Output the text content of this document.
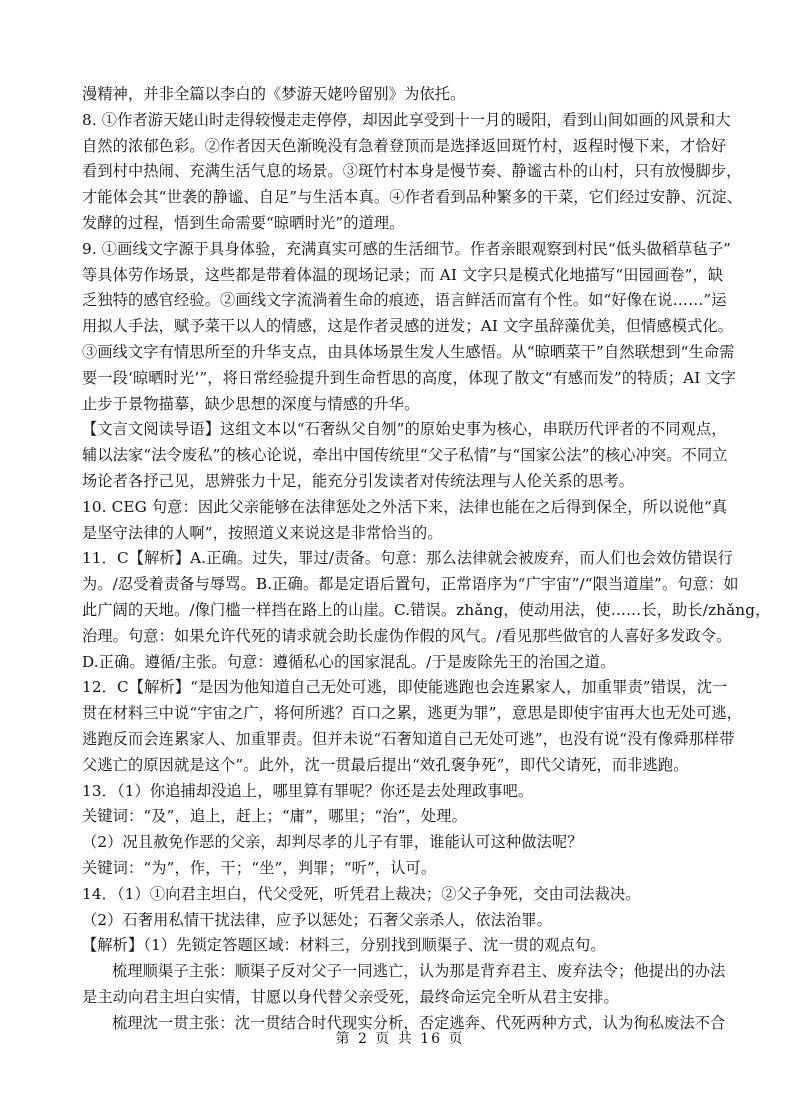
漫精神，并非全篇以李白的《梦游天姥吟留别》为依托。
8. ①作者游天姥山时走得较慢走走停停，却因此享受到十一月的暖阳，看到山间如画的风景和大
自然的浓郁色彩。②作者因天色渐晚没有急着登顶而是选择返回斑竹村，返程时慢下来，才恰好
看到村中热闹、充满生活气息的场景。③斑竹村本身是慢节奏、静谧古朴的山村，只有放慢脚步，
才能体会其“世袭的静谧、自足”与生活本真。④作者看到品种繁多的干菜，它们经过安静、沉淀、
发酵的过程，悟到生命需要“晾晒时光”的道理。
9. ①画线文字源于具身体验，充满真实可感的生活细节。作者亲眼观察到村民“低头做稻草毡子”
等具体劳作场景，这些都是带着体温的现场记录；而 AI 文字只是模式化地描写“田园画卷”，缺
乏独特的感官经验。②画线文字流淌着生命的痕迹，语言鲜活而富有个性。如“好像在说……”运
用拟人手法，赋予菜干以人的情感，这是作者灵感的迸发；AI 文字虽辞藻优美，但情感模式化。
③画线文字有情思所至的升华支点，由具体场景生发人生感悟。从“晾晒菜干”自然联想到“生命需
要一段‘晾晒时光’”，将日常经验提升到生命哲思的高度，体现了散文“有感而发”的特质；AI 文字
止步于景物描摹，缺少思想的深度与情感的升华。
【文言文阅读导语】这组文本以“石奢纵父自刎”的原始史事为核心，串联历代评者的不同观点，
辅以法家“法令废私”的核心论说，牵出中国传统里“父子私情”与“国家公法”的核心冲突。不同立
场论者各抒己见，思辨张力十足，能充分引发读者对传统法理与人伦关系的思考。
10. CEG 句意：因此父亲能够在法律惩处之外活下来，法律也能在之后得到保全，所以说他“真
是坚守法律的人啊”，按照道义来说这是非常恰当的。
11．C【解析】A.正确。过失，罪过/责备。句意：那么法律就会被废弃，而人们也会效仿错误行
为。/忍受着责备与辱骂。B.正确。都是定语后置句，正常语序为“广宇宙”/“限当道崖”。句意：如
此广阔的天地。/像门槛一样挡在路上的山崖。C.错误。zhǎng，使动用法，使……长，助长/zhǎng，
治理。句意：如果允许代死的请求就会助长虚伪作假的风气。/看见那些做官的人喜好多发政令。
D.正确。遵循/主张。句意：遵循私心的国家混乱。/于是废除先王的治国之道。
12．C【解析】“是因为他知道自己无处可逃，即使能逃跑也会连累家人，加重罪责”错误，沈一
贯在材料三中说“宇宙之广，将何所逃？百口之累，逃更为罪”，意思是即使宇宙再大也无处可逃，
逃跑反而会连累家人、加重罪责。但并未说“石奢知道自己无处可逃”，也没有说“没有像舜那样带
父逃亡的原因就是这个”。此外，沈一贯最后提出“效孔褒争死”，即代父请死，而非逃跑。
13．（1）你追捕却没追上，哪里算有罪呢？你还是去处理政事吧。
关键词：“及”，追上，赶上；“庸”，哪里；“治”，处理。
（2）况且赦免作恶的父亲，却判尽孝的儿子有罪，谁能认可这种做法呢？
关键词：“为”，作，干；“坐”，判罪；“听”，认可。
14．（1）①向君主坦白，代父受死，听凭君上裁决；②父子争死，交由司法裁决。
（2）石奢用私情干扰法律，应予以惩处；石奢父亲杀人，依法治罪。
【解析】（1）先锁定答题区域：材料三，分别找到顺渠子、沈一贯的观点句。
梳理顺渠子主张：顺渠子反对父子一同逃亡，认为那是背弃君主、废弃法令；他提出的办法
是主动向君主坦白实情，甘愿以身代替父亲受死，最终命运完全听从君主安排。
梳理沈一贯主张：沈一贯结合时代现实分析，否定逃奔、代死两种方式，认为徇私废法不合
第 2 页 共 16 页
